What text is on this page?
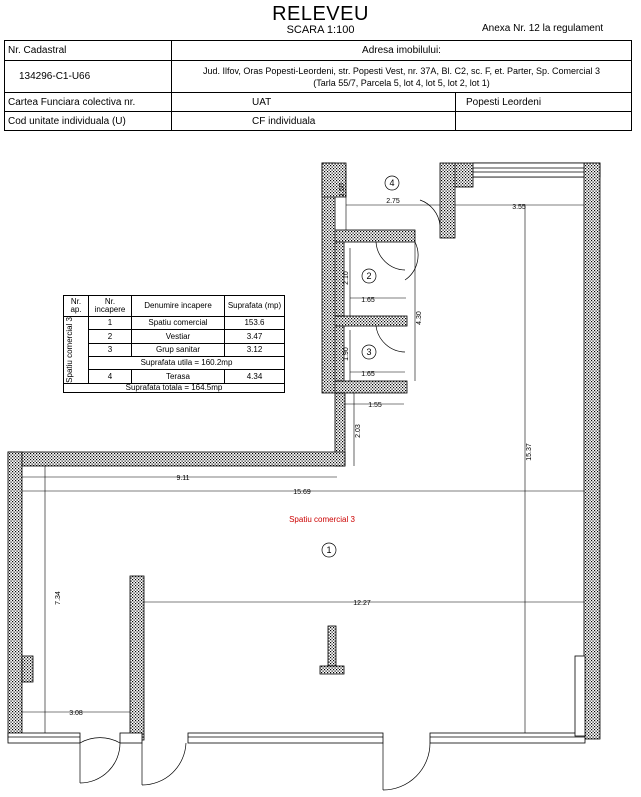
RELEVEU
SCARA 1:100	Anexa Nr. 12 la regulament
Nr. Cadastral	Adresa imobilului:	
134296-C1-U66	Jud. Ilfov, Oras Popesti-Leordeni, str. Popesti Vest, nr. 37A, Bl. C2, sc. F, et. Parter, Sp. Comercial 3
(Tarla 55/7, Parcela 5, lot 4, lot 5, lot 2, lot 1)	

Cartea Funciara colectiva nr.	UAT	Popesti Leordeni
Cod unitate individuala (U)	CF individuala	
4
2
3
1
Spatiu comercial 3
2.75
3.55
1.65
1.65
1.55
9.11
15.69
12.27
3.08
1.50
2.10
4.30
1.90
2.03
15.37
7.34
Nr. ap.	Nr. incapere	Denumire incapere	Suprafata (mp)

Spatiu comercial 3	1	Spatiu comercial	153.6
	2	Vestiar	3.47
	3	Grup sanitar	3.12
	Suprafata utila = 160.2mp		
	4	Terasa	4.34
Suprafata totala = 164.5mp			
